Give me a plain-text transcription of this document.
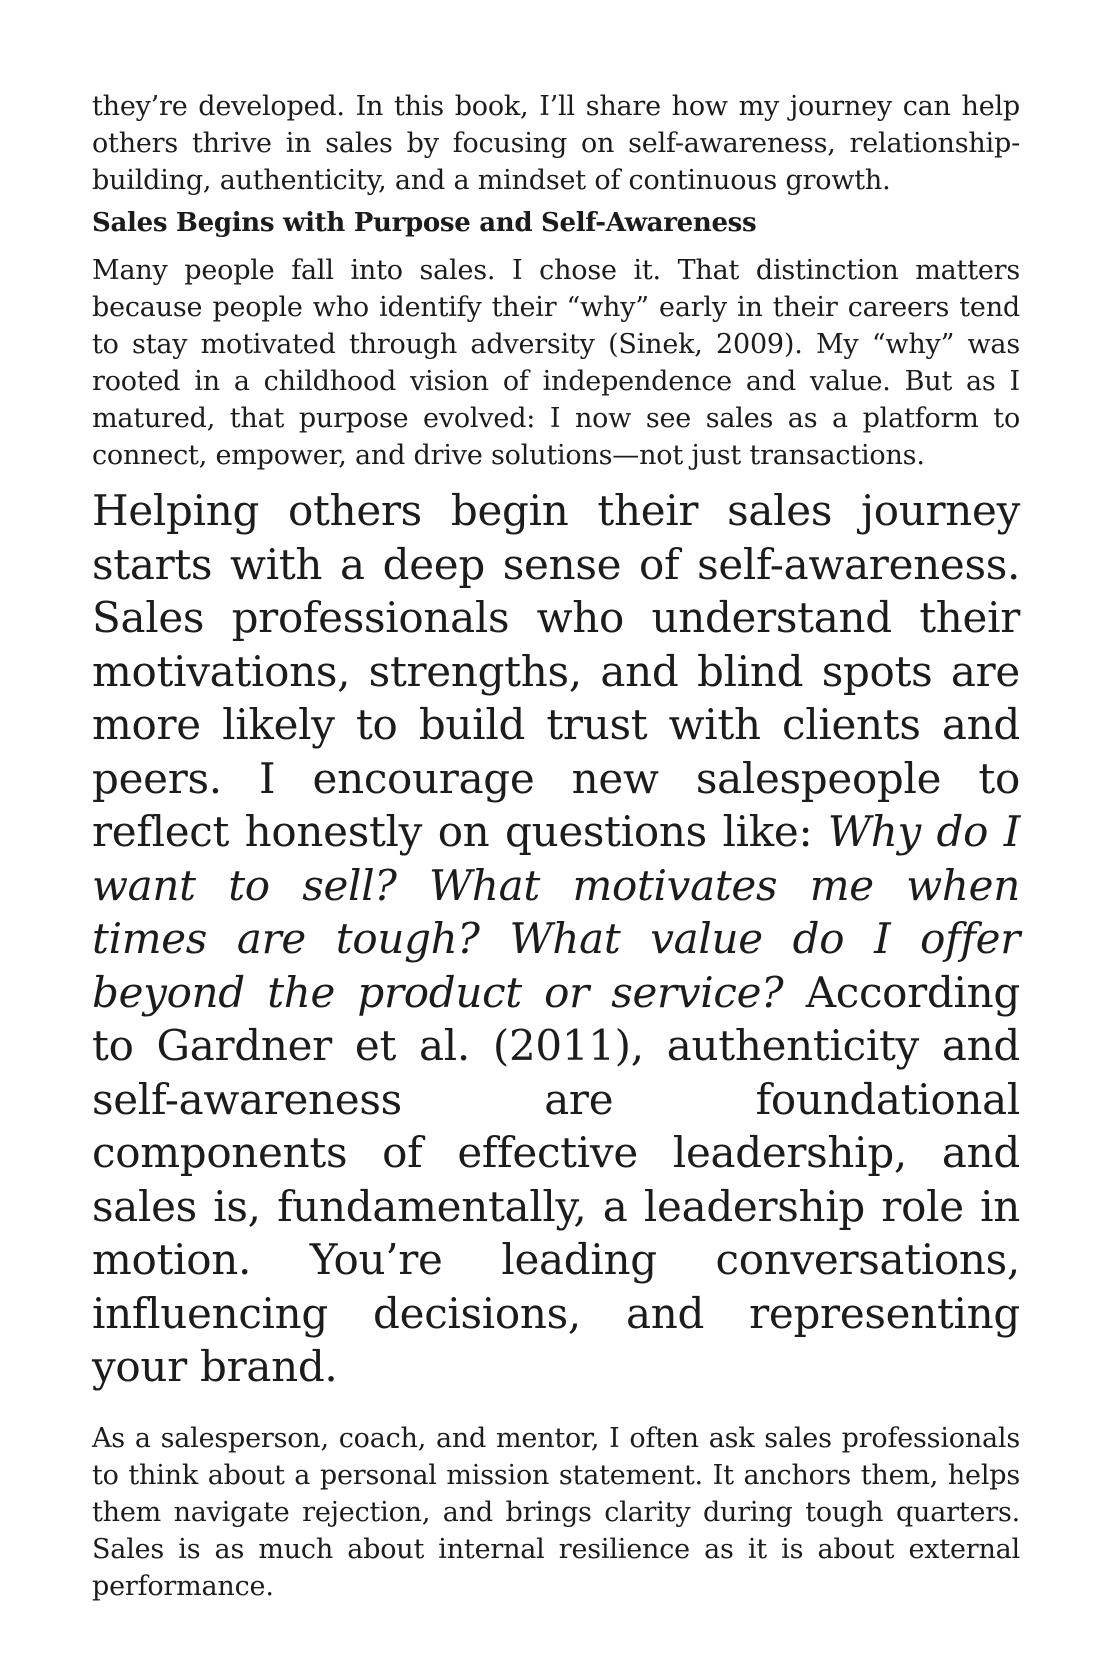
they’re developed. In this book, I’ll share how my journey can help others thrive in sales by focusing on self-awareness, relationship-building, authenticity, and a mindset of continuous growth.

Sales Begins with Purpose and Self-Awareness

Many people fall into sales. I chose it. That distinction matters because people who identify their “why” early in their careers tend to stay motivated through adversity (Sinek, 2009). My “why” was rooted in a childhood vision of independence and value. But as I matured, that purpose evolved: I now see sales as a platform to connect, empower, and drive solutions—not just transactions.

Helping others begin their sales journey starts with a deep sense of self-awareness. Sales professionals who understand their motivations, strengths, and blind spots are more likely to build trust with clients and peers. I encourage new salespeople to reflect honestly on questions like: Why do I want to sell? What motivates me when times are tough? What value do I offer beyond the product or service? According to Gardner et al. (2011), authenticity and self-awareness are foundational components of effective leadership, and sales is, fundamentally, a leadership role in motion. You’re leading conversations, influencing decisions, and representing your brand.

As a salesperson, coach, and mentor, I often ask sales professionals to think about a personal mission statement. It anchors them, helps them navigate rejection, and brings clarity during tough quarters. Sales is as much about internal resilience as it is about external performance.
